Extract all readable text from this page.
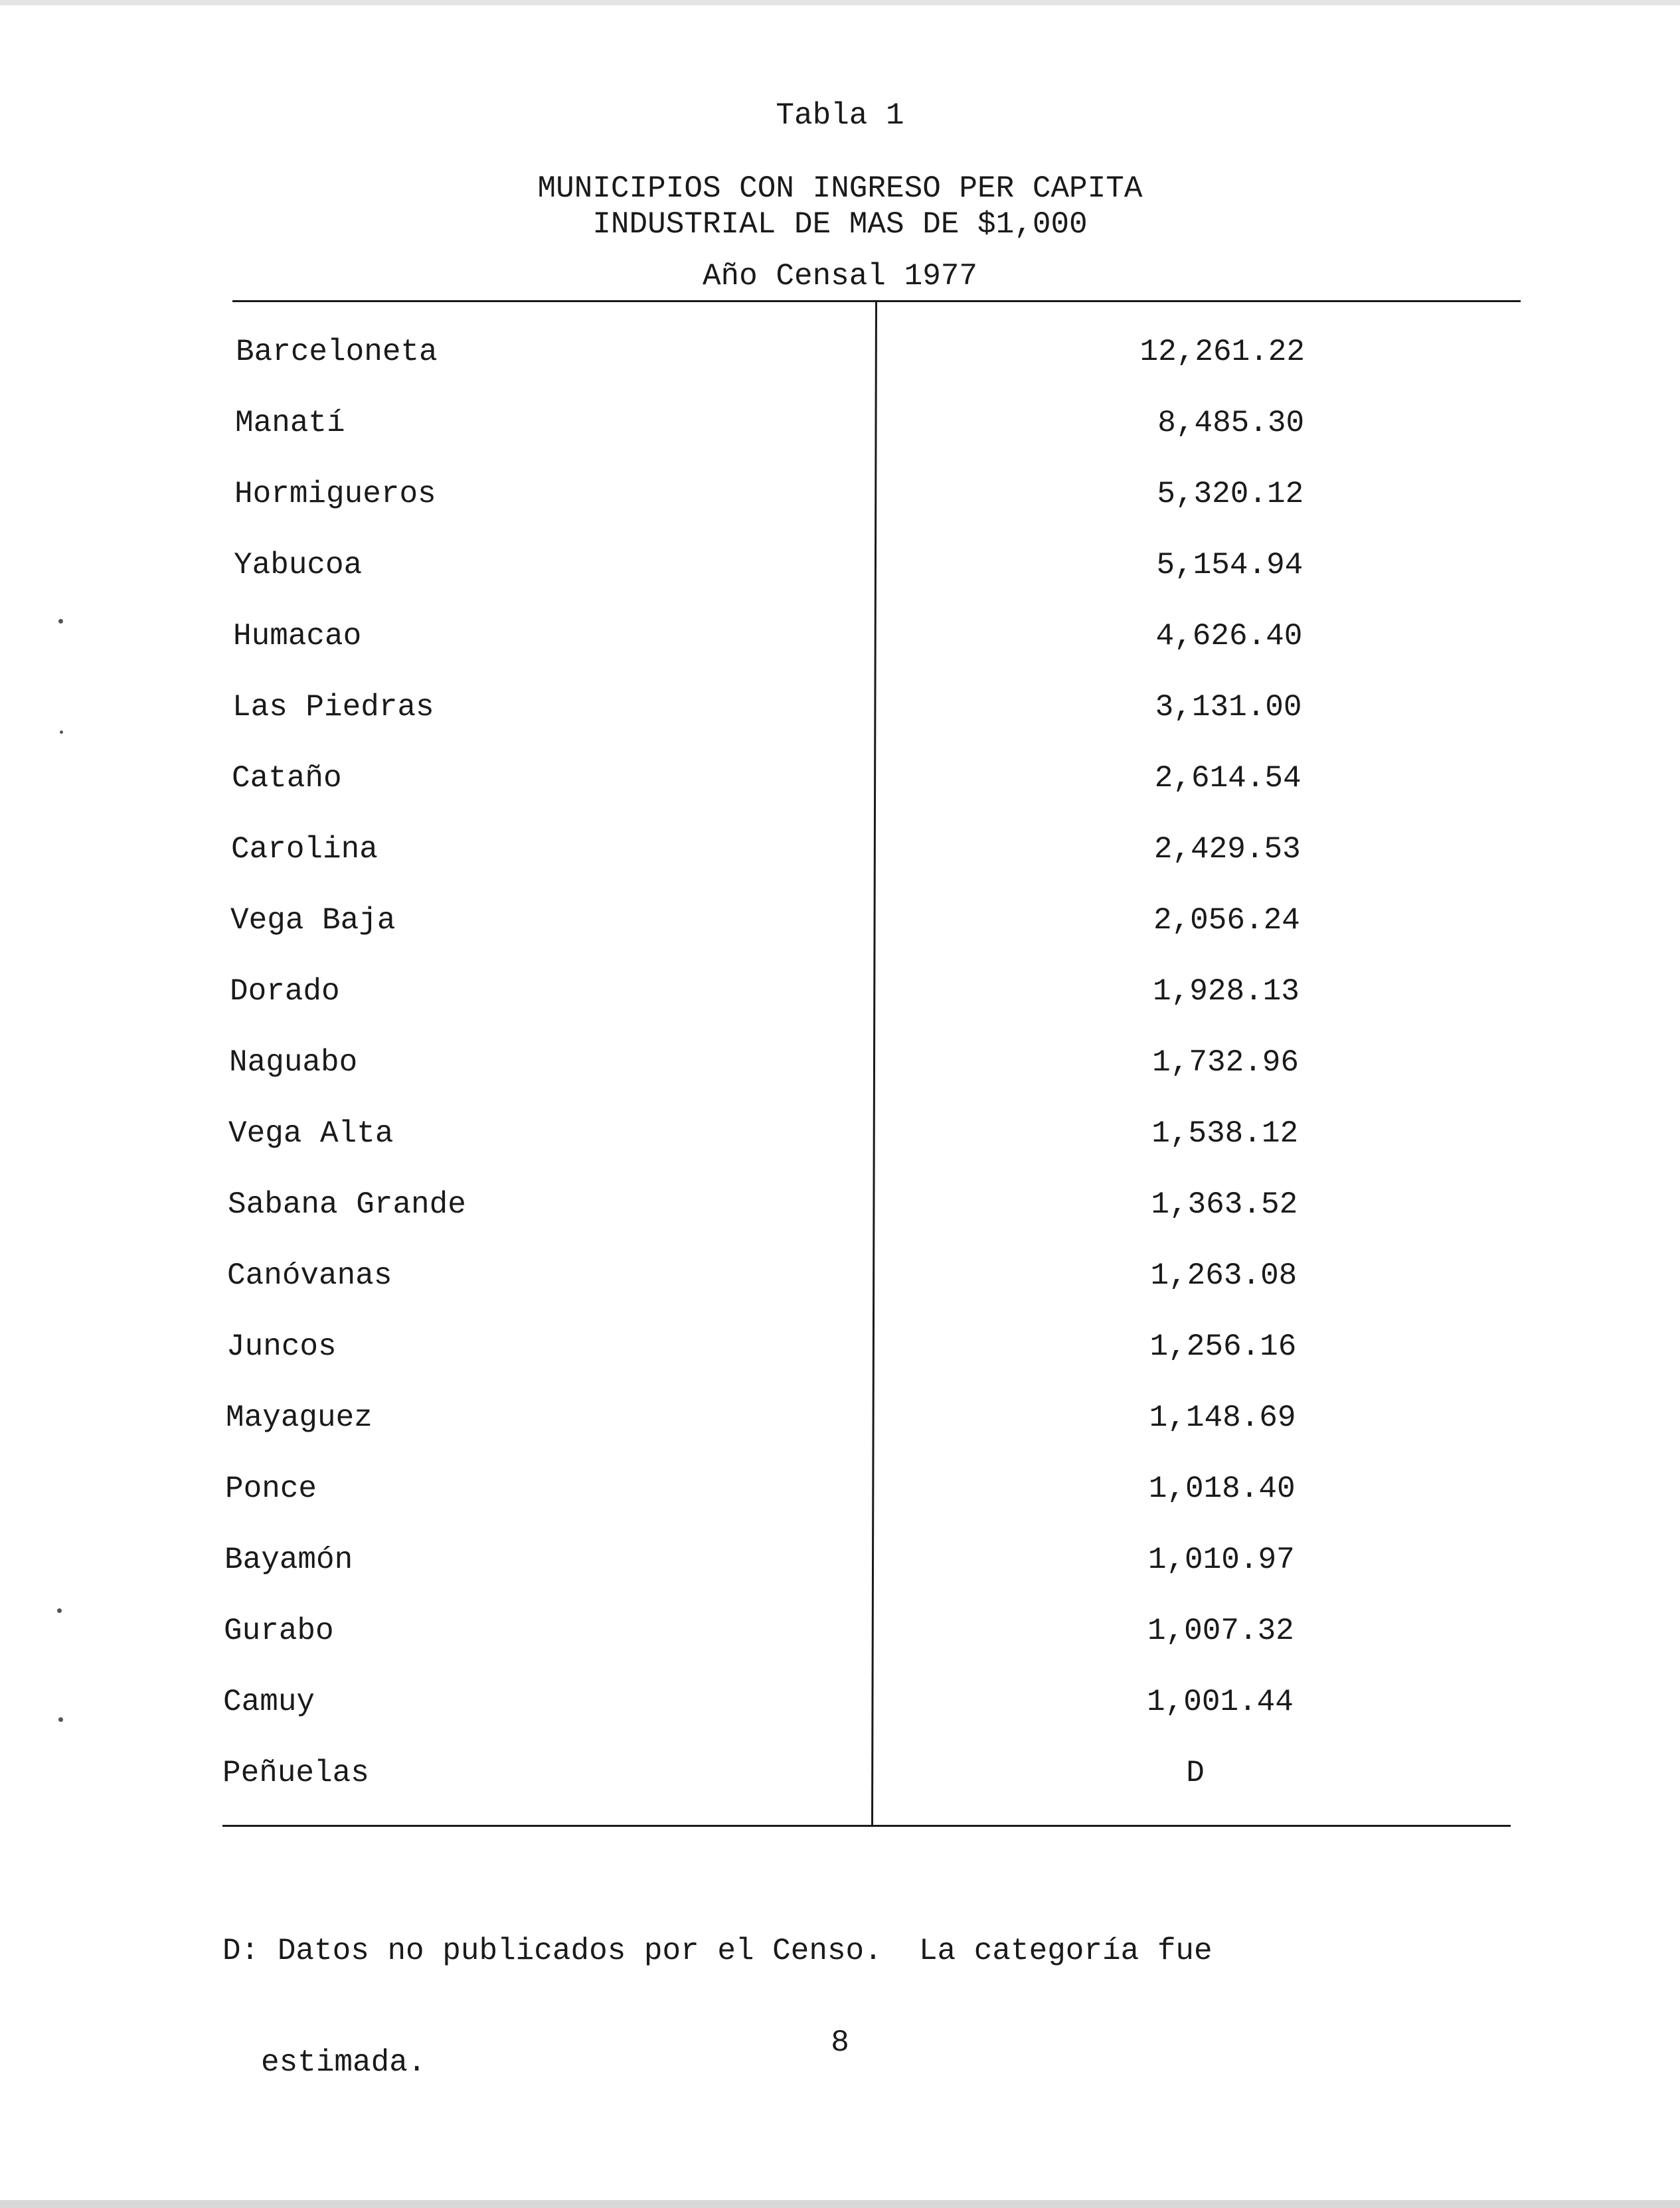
Tabla 1
MUNICIPIOS CON INGRESO PER CAPITA
INDUSTRIAL DE MAS DE $1,000
Año Censal 1977
Barceloneta	12,261.22
Manatí	8,485.30
Hormigueros	5,320.12
Yabucoa	5,154.94
Humacao	4,626.40
Las Piedras	3,131.00
Cataño	2,614.54
Carolina	2,429.53
Vega Baja	2,056.24
Dorado	1,928.13
Naguabo	1,732.96
Vega Alta	1,538.12
Sabana Grande	1,363.52
Canóvanas	1,263.08
Juncos	1,256.16
Mayaguez	1,148.69
Ponce	1,018.40
Bayamón	1,010.97
Gurabo	1,007.32
Camuy	1,001.44
Peñuelas	D

D: Datos no publicados por el Censo.  La categoría fue

estimada.

8
